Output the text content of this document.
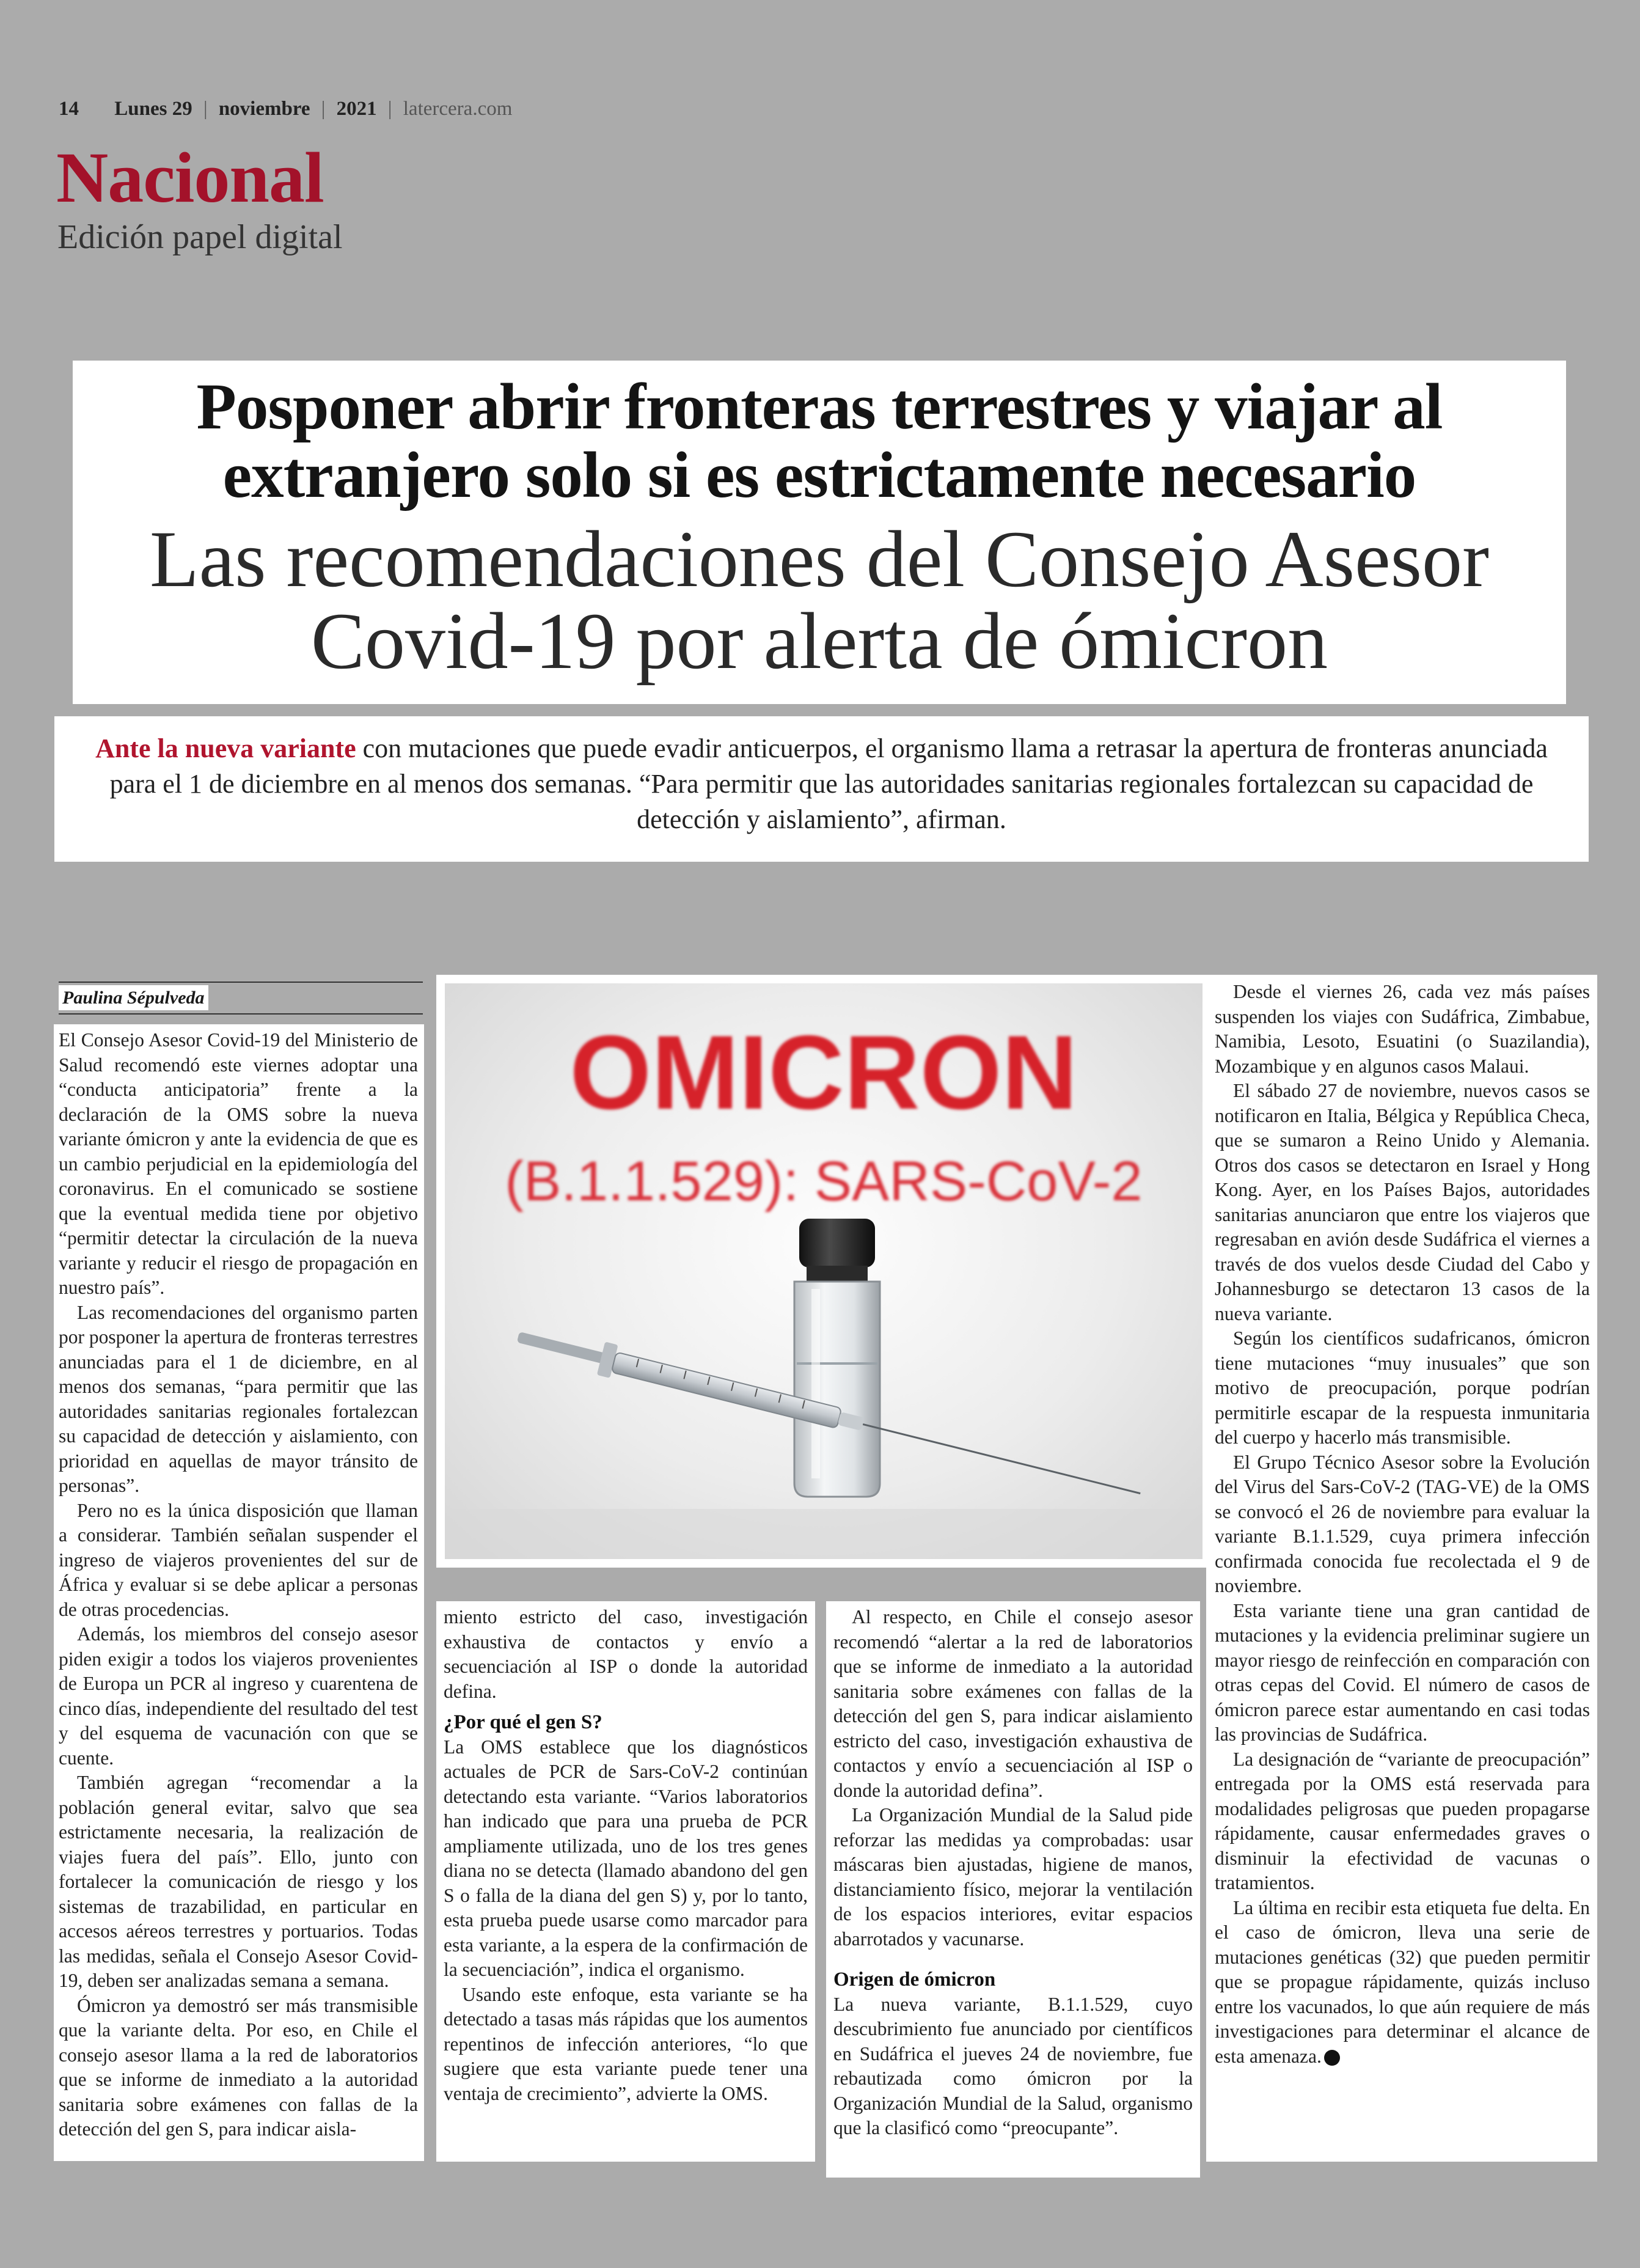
14 Lunes 29 | noviembre | 2021 | latercera.com
Nacional
Edición papel digital
Posponer abrir fronteras terrestres y viajar al extranjero solo si es estrictamente necesario
Las recomendaciones del Consejo Asesor Covid-19 por alerta de ómicron
Ante la nueva variante con mutaciones que puede evadir anticuerpos, el organismo llama a retrasar la apertura de fronteras anunciada para el 1 de diciembre en al menos dos semanas. “Para permitir que las autoridades sanitarias regionales fortalezcan su capacidad de detección y aislamiento”, afirman.
Paulina Sépulveda

El Consejo Asesor Covid-19 del Ministerio de Salud recomendó este viernes adoptar una “conducta anticipatoria” frente a la declaración de la OMS sobre la nueva variante ómicron y ante la evidencia de que es un cambio perjudicial en la epidemiología del coronavirus. En el comunicado se sostiene que la eventual medida tiene por objetivo “permitir detectar la circulación de la nueva variante y reducir el riesgo de propagación en nuestro país”.

Las recomendaciones del organismo parten por posponer la apertura de fronteras terrestres anunciadas para el 1 de diciembre, en al menos dos semanas, “para permitir que las autoridades sanitarias regionales fortalezcan su capacidad de detección y aislamiento, con prioridad en aquellas de mayor tránsito de personas”.

Pero no es la única disposición que llaman a considerar. También señalan suspender el ingreso de viajeros provenientes del sur de África y evaluar si se debe aplicar a personas de otras procedencias.

Además, los miembros del consejo asesor piden exigir a todos los viajeros provenientes de Europa un PCR al ingreso y cuarentena de cinco días, independiente del resultado del test y del esquema de vacunación con que se cuente.

También agregan “recomendar a la población general evitar, salvo que sea estrictamente necesaria, la realización de viajes fuera del país”. Ello, junto con fortalecer la comunicación de riesgo y los sistemas de trazabilidad, en particular en accesos aéreos terrestres y portuarios. Todas las medidas, señala el Consejo Asesor Covid-19, deben ser analizadas semana a semana.

Ómicron ya demostró ser más transmisible que la variante delta. Por eso, en Chile el consejo asesor llama a la red de laboratorios que se informe de inmediato a la autoridad sanitaria sobre exámenes con fallas de la detección del gen S, para indicar aisla-

OMICRON
(B.1.1.529): SARS-CoV-2

miento estricto del caso, investigación exhaustiva de contactos y envío a secuenciación al ISP o donde la autoridad defina.

¿Por qué el gen S?

La OMS establece que los diagnósticos actuales de PCR de Sars-CoV-2 continúan detectando esta variante. “Varios laboratorios han indicado que para una prueba de PCR ampliamente utilizada, uno de los tres genes diana no se detecta (llamado abandono del gen S o falla de la diana del gen S) y, por lo tanto, esta prueba puede usarse como marcador para esta variante, a la espera de la confirmación de la secuenciación”, indica el organismo.

Usando este enfoque, esta variante se ha detectado a tasas más rápidas que los aumentos repentinos de infección anteriores, “lo que sugiere que esta variante puede tener una ventaja de crecimiento”, advierte la OMS.

Al respecto, en Chile el consejo asesor recomendó “alertar a la red de laboratorios que se informe de inmediato a la autoridad sanitaria sobre exámenes con fallas de la detección del gen S, para indicar aislamiento estricto del caso, investigación exhaustiva de contactos y envío a secuenciación al ISP o donde la autoridad defina”.

La Organización Mundial de la Salud pide reforzar las medidas ya comprobadas: usar máscaras bien ajustadas, higiene de manos, distanciamiento físico, mejorar la ventilación de los espacios interiores, evitar espacios abarrotados y vacunarse.

Origen de ómicron

La nueva variante, B.1.1.529, cuyo descubrimiento fue anunciado por científicos en Sudáfrica el jueves 24 de noviembre, fue rebautizada como ómicron por la Organización Mundial de la Salud, organismo que la clasificó como “preocupante”.

Desde el viernes 26, cada vez más países suspenden los viajes con Sudáfrica, Zimbabue, Namibia, Lesoto, Esuatini (o Suazilandia), Mozambique y en algunos casos Malaui.

El sábado 27 de noviembre, nuevos casos se notificaron en Italia, Bélgica y República Checa, que se sumaron a Reino Unido y Alemania. Otros dos casos se detectaron en Israel y Hong Kong. Ayer, en los Países Bajos, autoridades sanitarias anunciaron que entre los viajeros que regresaban en avión desde Sudáfrica el viernes a través de dos vuelos desde Ciudad del Cabo y Johannesburgo se detectaron 13 casos de la nueva variante.

Según los científicos sudafricanos, ómicron tiene mutaciones “muy inusuales” que son motivo de preocupación, porque podrían permitirle escapar de la respuesta inmunitaria del cuerpo y hacerlo más transmisible.

El Grupo Técnico Asesor sobre la Evolución del Virus del Sars-CoV-2 (TAG-VE) de la OMS se convocó el 26 de noviembre para evaluar la variante B.1.1.529, cuya primera infección confirmada conocida fue recolectada el 9 de noviembre.

Esta variante tiene una gran cantidad de mutaciones y la evidencia preliminar sugiere un mayor riesgo de reinfección en comparación con otras cepas del Covid. El número de casos de ómicron parece estar aumentando en casi todas las provincias de Sudáfrica.

La designación de “variante de preocupación” entregada por la OMS está reservada para modalidades peligrosas que pueden propagarse rápidamente, causar enfermedades graves o disminuir la efectividad de vacunas o tratamientos.

La última en recibir esta etiqueta fue delta. En el caso de ómicron, lleva una serie de mutaciones genéticas (32) que pueden permitir que se propague rápidamente, quizás incluso entre los vacunados, lo que aún requiere de más investigaciones para determinar el alcance de esta amenaza.
